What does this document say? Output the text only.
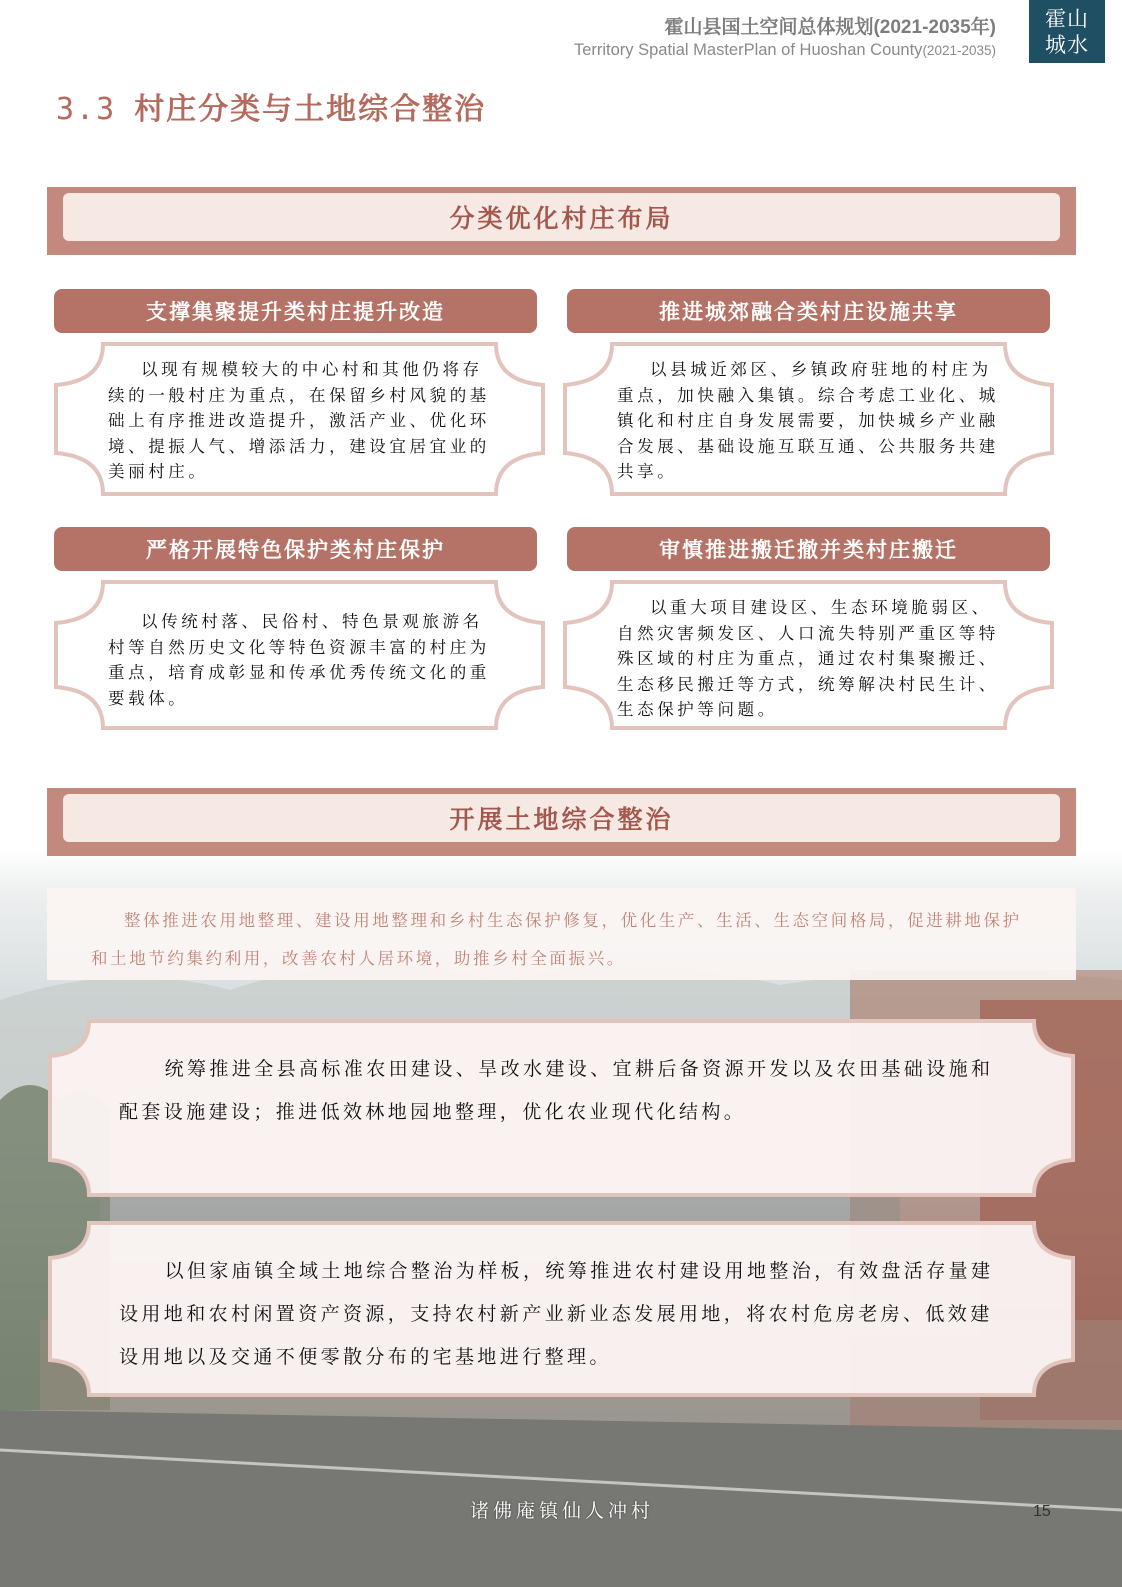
霍山县国土空间总体规划(2021-2035年)
Territory Spatial MasterPlan of Huoshan County(2021-2035)
霍山
城水
3.3 村庄分类与土地综合整治
分类优化村庄布局
支撑集聚提升类村庄提升改造
以现有规模较大的中心村和其他仍将存续的一般村庄为重点，在保留乡村风貌的基础上有序推进改造提升，激活产业、优化环境、提振人气、增添活力，建设宜居宜业的美丽村庄。
推进城郊融合类村庄设施共享
以县城近郊区、乡镇政府驻地的村庄为重点，加快融入集镇。综合考虑工业化、城镇化和村庄自身发展需要，加快城乡产业融合发展、基础设施互联互通、公共服务共建共享。
严格开展特色保护类村庄保护
以传统村落、民俗村、特色景观旅游名村等自然历史文化等特色资源丰富的村庄为重点，培育成彰显和传承优秀传统文化的重要载体。
审慎推进搬迁撤并类村庄搬迁
以重大项目建设区、生态环境脆弱区、自然灾害频发区、人口流失特别严重区等特殊区域的村庄为重点，通过农村集聚搬迁、生态移民搬迁等方式，统筹解决村民生计、生态保护等问题。
开展土地综合整治

整体推进农用地整理、建设用地整理和乡村生态保护修复，优化生产、生活、生态空间格局，促进耕地保护和土地节约集约利用，改善农村人居环境，助推乡村全面振兴。

统筹推进全县高标准农田建设、旱改水建设、宜耕后备资源开发以及农田基础设施和配套设施建设；推进低效林地园地整理，优化农业现代化结构。
以但家庙镇全域土地综合整治为样板，统筹推进农村建设用地整治，有效盘活存量建设用地和农村闲置资产资源，支持农村新产业新业态发展用地，将农村危房老房、低效建设用地以及交通不便零散分布的宅基地进行整理。
诸佛庵镇仙人冲村	15
